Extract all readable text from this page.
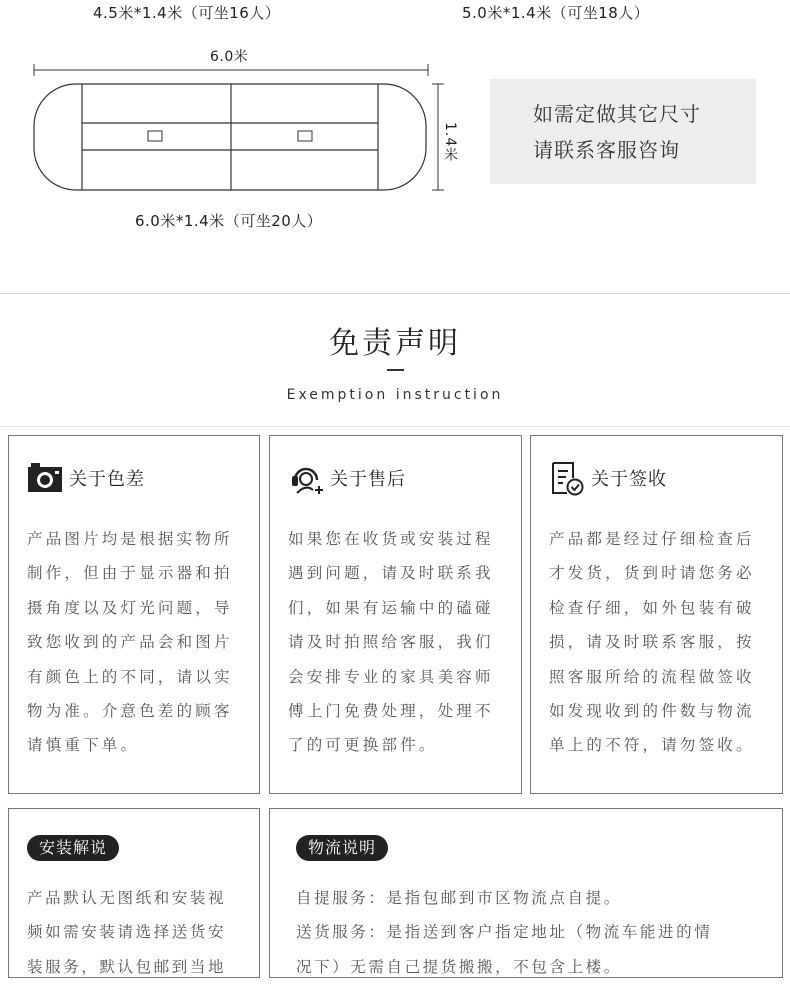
4.5米*1.4米（可坐16人）	5.0米*1.4米（可坐18人）
6.0米
1.4米
6.0米*1.4米（可坐20人）
如需定做其它尺寸
请联系客服咨询
免责声明
Exemption instruction
关于色差

产品图片均是根据实物所

制作，但由于显示器和拍

摄角度以及灯光问题，导

致您收到的产品会和图片

有颜色上的不同，请以实

物为准。介意色差的顾客

请慎重下单。

关于售后

如果您在收货或安装过程

遇到问题，请及时联系我

们，如果有运输中的磕碰

请及时拍照给客服，我们

会安排专业的家具美容师

傅上门免费处理，处理不

了的可更换部件。

关于签收

产品都是经过仔细检查后

才发货，货到时请您务必

检查仔细，如外包装有破

损，请及时联系客服，按

照客服所给的流程做签收

如发现收到的件数与物流

单上的不符，请勿签收。

安装解说

产品默认无图纸和安装视

频如需安装请选择送货安

装服务，默认包邮到当地

物流说明

自提服务：是指包邮到市区物流点自提。

送货服务：是指送到客户指定地址（物流车能进的情

况下）无需自己提货搬搬，不包含上楼。
